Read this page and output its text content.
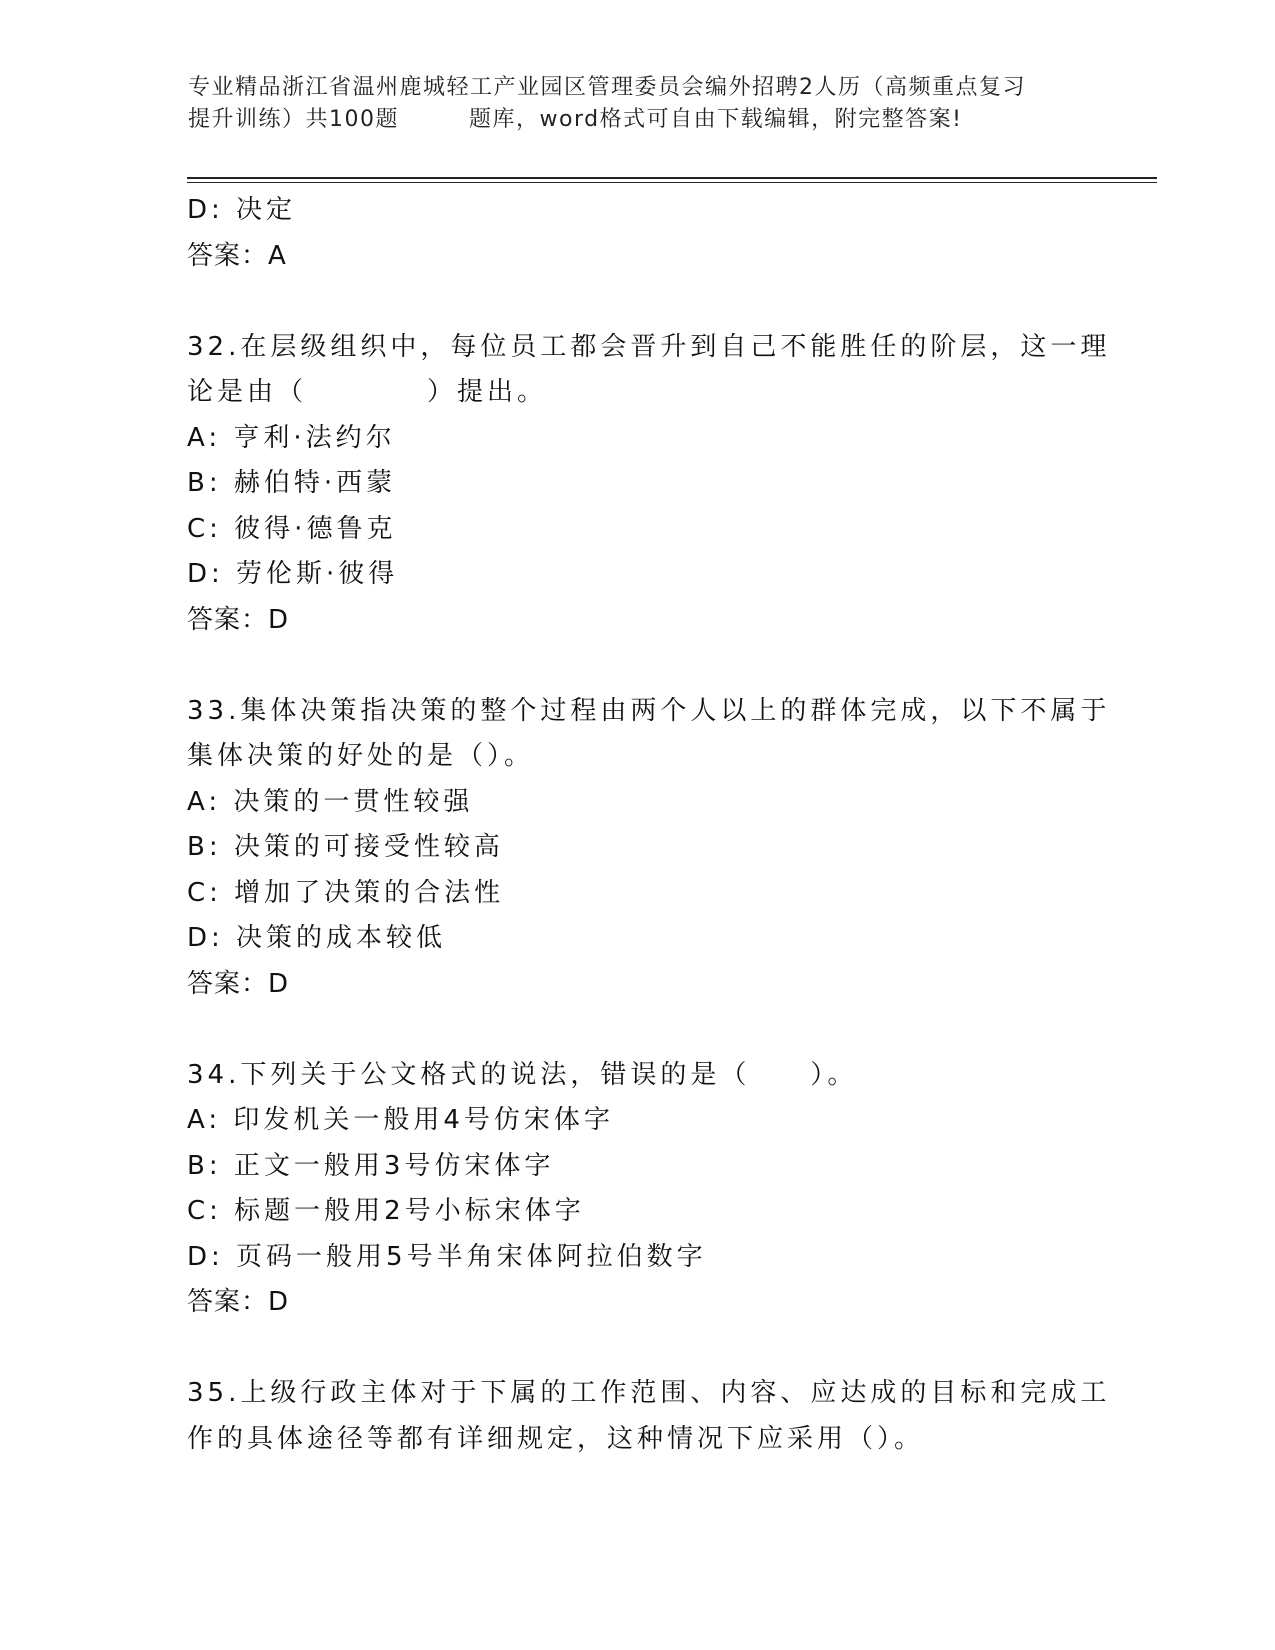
专业精品浙江省温州鹿城轻工产业园区管理委员会编外招聘2人历（高频重点复习
提升训练）共100题	题库，word格式可自由下载编辑，附完整答案!
D: 决定
答案：A
32.在层级组织中，每位员工都会晋升到自己不能胜任的阶层，这一理
论是由（　　　　）提出。
A: 亨利·法约尔
B: 赫伯特·西蒙
C: 彼得·德鲁克
D: 劳伦斯·彼得
答案：D
33.集体决策指决策的整个过程由两个人以上的群体完成，以下不属于
集体决策的好处的是（）。
A: 决策的一贯性较强
B: 决策的可接受性较高
C: 增加了决策的合法性
D: 决策的成本较低
答案：D
34.下列关于公文格式的说法，错误的是（　　）。
A: 印发机关一般用4号仿宋体字
B: 正文一般用3号仿宋体字
C: 标题一般用2号小标宋体字
D: 页码一般用5号半角宋体阿拉伯数字
答案：D
35.上级行政主体对于下属的工作范围、内容、应达成的目标和完成工
作的具体途径等都有详细规定，这种情况下应采用（）。
